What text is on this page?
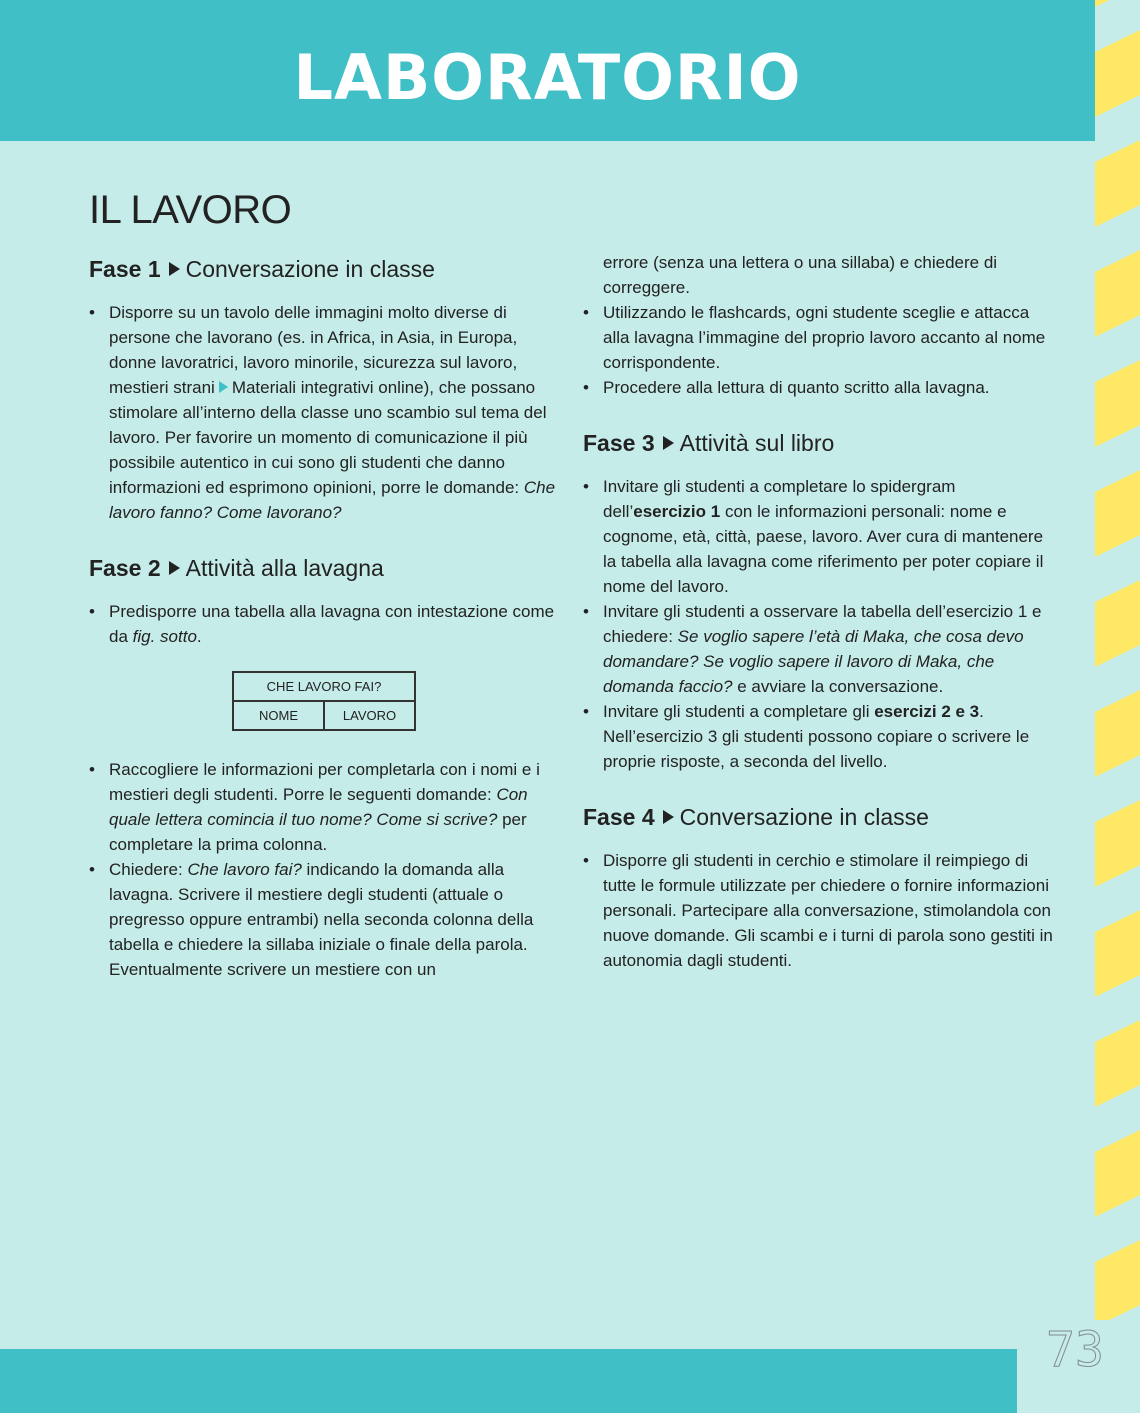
LABORATORIO
IL LAVORO
Fase 1 Conversazione in classe
• Disporre su un tavolo delle immagini molto diverse di persone che lavorano (es. in Africa, in Asia, in Europa, donne lavoratrici, lavoro minorile, sicurezza sul lavoro, mestieri strani Materiali integrativi online), che possano stimolare all’interno della classe uno scambio sul tema del lavoro. Per favorire un momento di comunicazione il più possibile autentico in cui sono gli studenti che danno informazioni ed esprimono opinioni, porre le domande: Che lavoro fanno? Come lavorano?
Fase 2 Attività alla lavagna
• Predisporre una tabella alla lavagna con intestazione come da fig. sotto.
CHE LAVORO FAI?
NOME	LAVORO
• Raccogliere le informazioni per completarla con i nomi e i mestieri degli studenti. Porre le seguenti domande: Con quale lettera comincia il tuo nome? Come si scrive? per completare la prima colonna.
• Chiedere: Che lavoro fai? indicando la domanda alla lavagna. Scrivere il mestiere degli studenti (attuale o pregresso oppure entrambi) nella seconda colonna della tabella e chiedere la sillaba iniziale o finale della parola. Eventualmente scrivere un mestiere con un
errore (senza una lettera o una sillaba) e chiedere di correggere.
• Utilizzando le flashcards, ogni studente sceglie e attacca alla lavagna l’immagine del proprio lavoro accanto al nome corrispondente.
• Procedere alla lettura di quanto scritto alla lavagna.
Fase 3 Attività sul libro
• Invitare gli studenti a completare lo spidergram dell’esercizio 1 con le informazioni personali: nome e cognome, età, città, paese, lavoro. Aver cura di mantenere la tabella alla lavagna come riferimento per poter copiare il nome del lavoro.
• Invitare gli studenti a osservare la tabella dell’esercizio 1 e chiedere: Se voglio sapere l’età di Maka, che cosa devo domandare? Se voglio sapere il lavoro di Maka, che domanda faccio? e avviare la conversazione.
• Invitare gli studenti a completare gli esercizi 2 e 3. Nell’esercizio 3 gli studenti possono copiare o scrivere le proprie risposte, a seconda del livello.
Fase 4 Conversazione in classe
• Disporre gli studenti in cerchio e stimolare il reimpiego di tutte le formule utilizzate per chiedere o fornire informazioni personali. Partecipare alla conversazione, stimolandola con nuove domande. Gli scambi e i turni di parola sono gestiti in autonomia dagli studenti.
73
